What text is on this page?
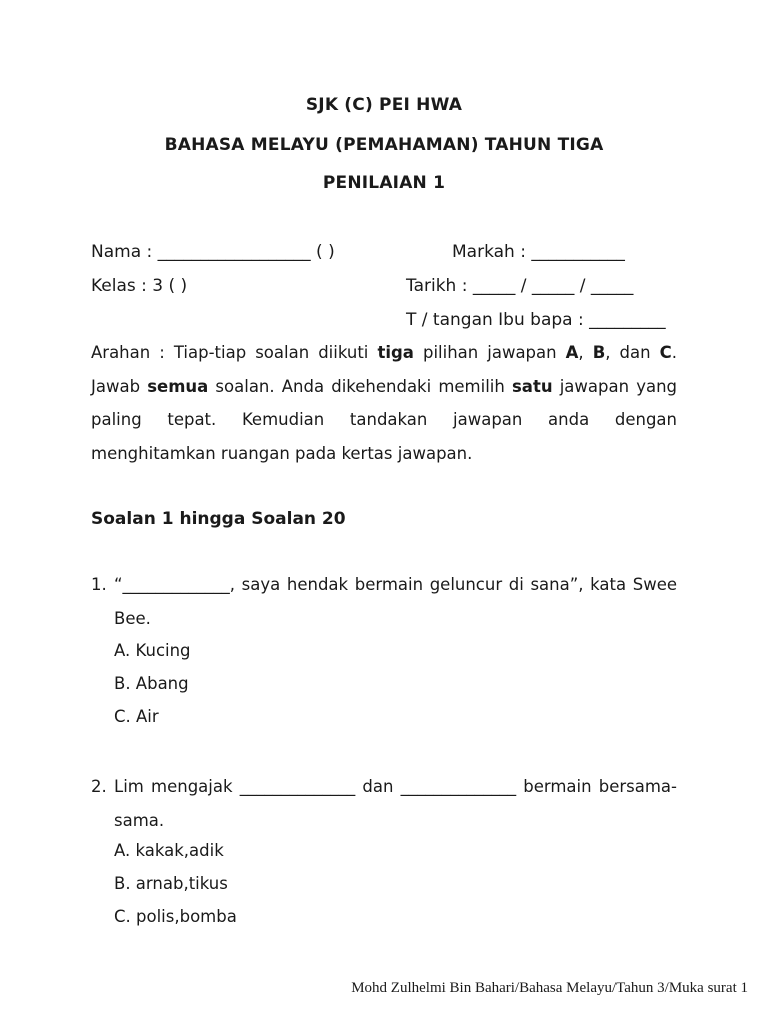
SJK (C) PEI HWA
BAHASA MELAYU (PEMAHAMAN) TAHUN TIGA
PENILAIAN 1
Nama : __________________ ( )	Markah : ___________
Kelas : 3 ( )	Tarikh : _____ / _____ / _____
T / tangan Ibu bapa : _________
Arahan : Tiap-tiap soalan diikuti tiga pilihan jawapan A, B, dan C. Jawab semua soalan. Anda dikehendaki memilih satu jawapan yang paling tepat. Kemudian tandakan jawapan anda dengan menghitamkan ruangan pada kertas jawapan.
Soalan 1 hingga Soalan 20
1. “_____________, saya hendak bermain geluncur di sana”, kata Swee Bee.
A. Kucing
B. Abang
C. Air
2. Lim mengajak ______________ dan ______________ bermain bersama-sama.
A. kakak,adik
B. arnab,tikus
C. polis,bomba
Mohd Zulhelmi Bin Bahari/Bahasa Melayu/Tahun 3/Muka surat 1
